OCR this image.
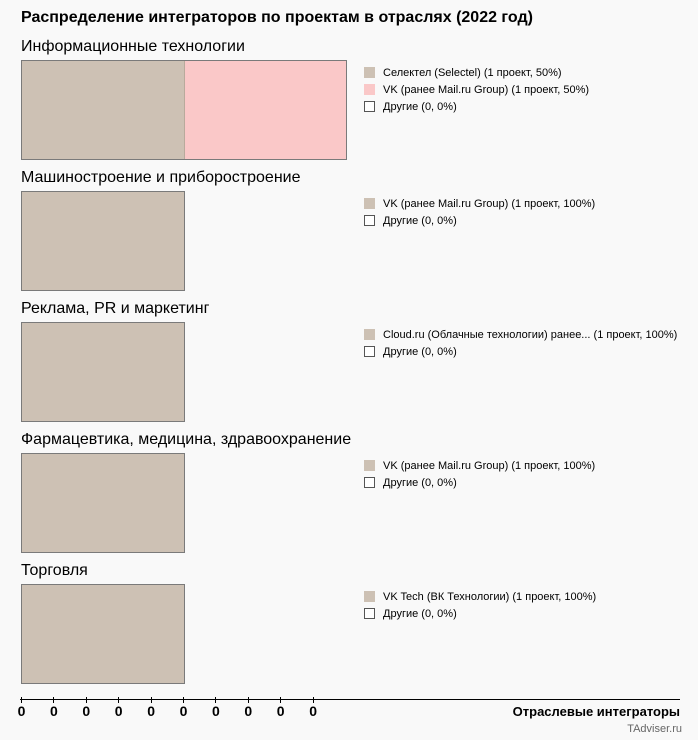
Распределение интеграторов по проектам в отраслях (2022 год)
Информационные технологии
Селектел (Selectel) (1 проект, 50%)
VK (ранее Mail.ru Group) (1 проект, 50%)
Другие (0, 0%)
Машиностроение и приборостроение
VK (ранее Mail.ru Group) (1 проект, 100%)
Другие (0, 0%)
Реклама, PR и маркетинг
Cloud.ru (Облачные технологии) ранее... (1 проект, 100%)
Другие (0, 0%)
Фармацевтика, медицина, здравоохранение
VK (ранее Mail.ru Group) (1 проект, 100%)
Другие (0, 0%)
Торговля
VK Tech (ВК Технологии) (1 проект, 100%)
Другие (0, 0%)
0 0 0 0 0 0 0 0 0 0	Отраслевые интеграторы
TAdviser.ru
